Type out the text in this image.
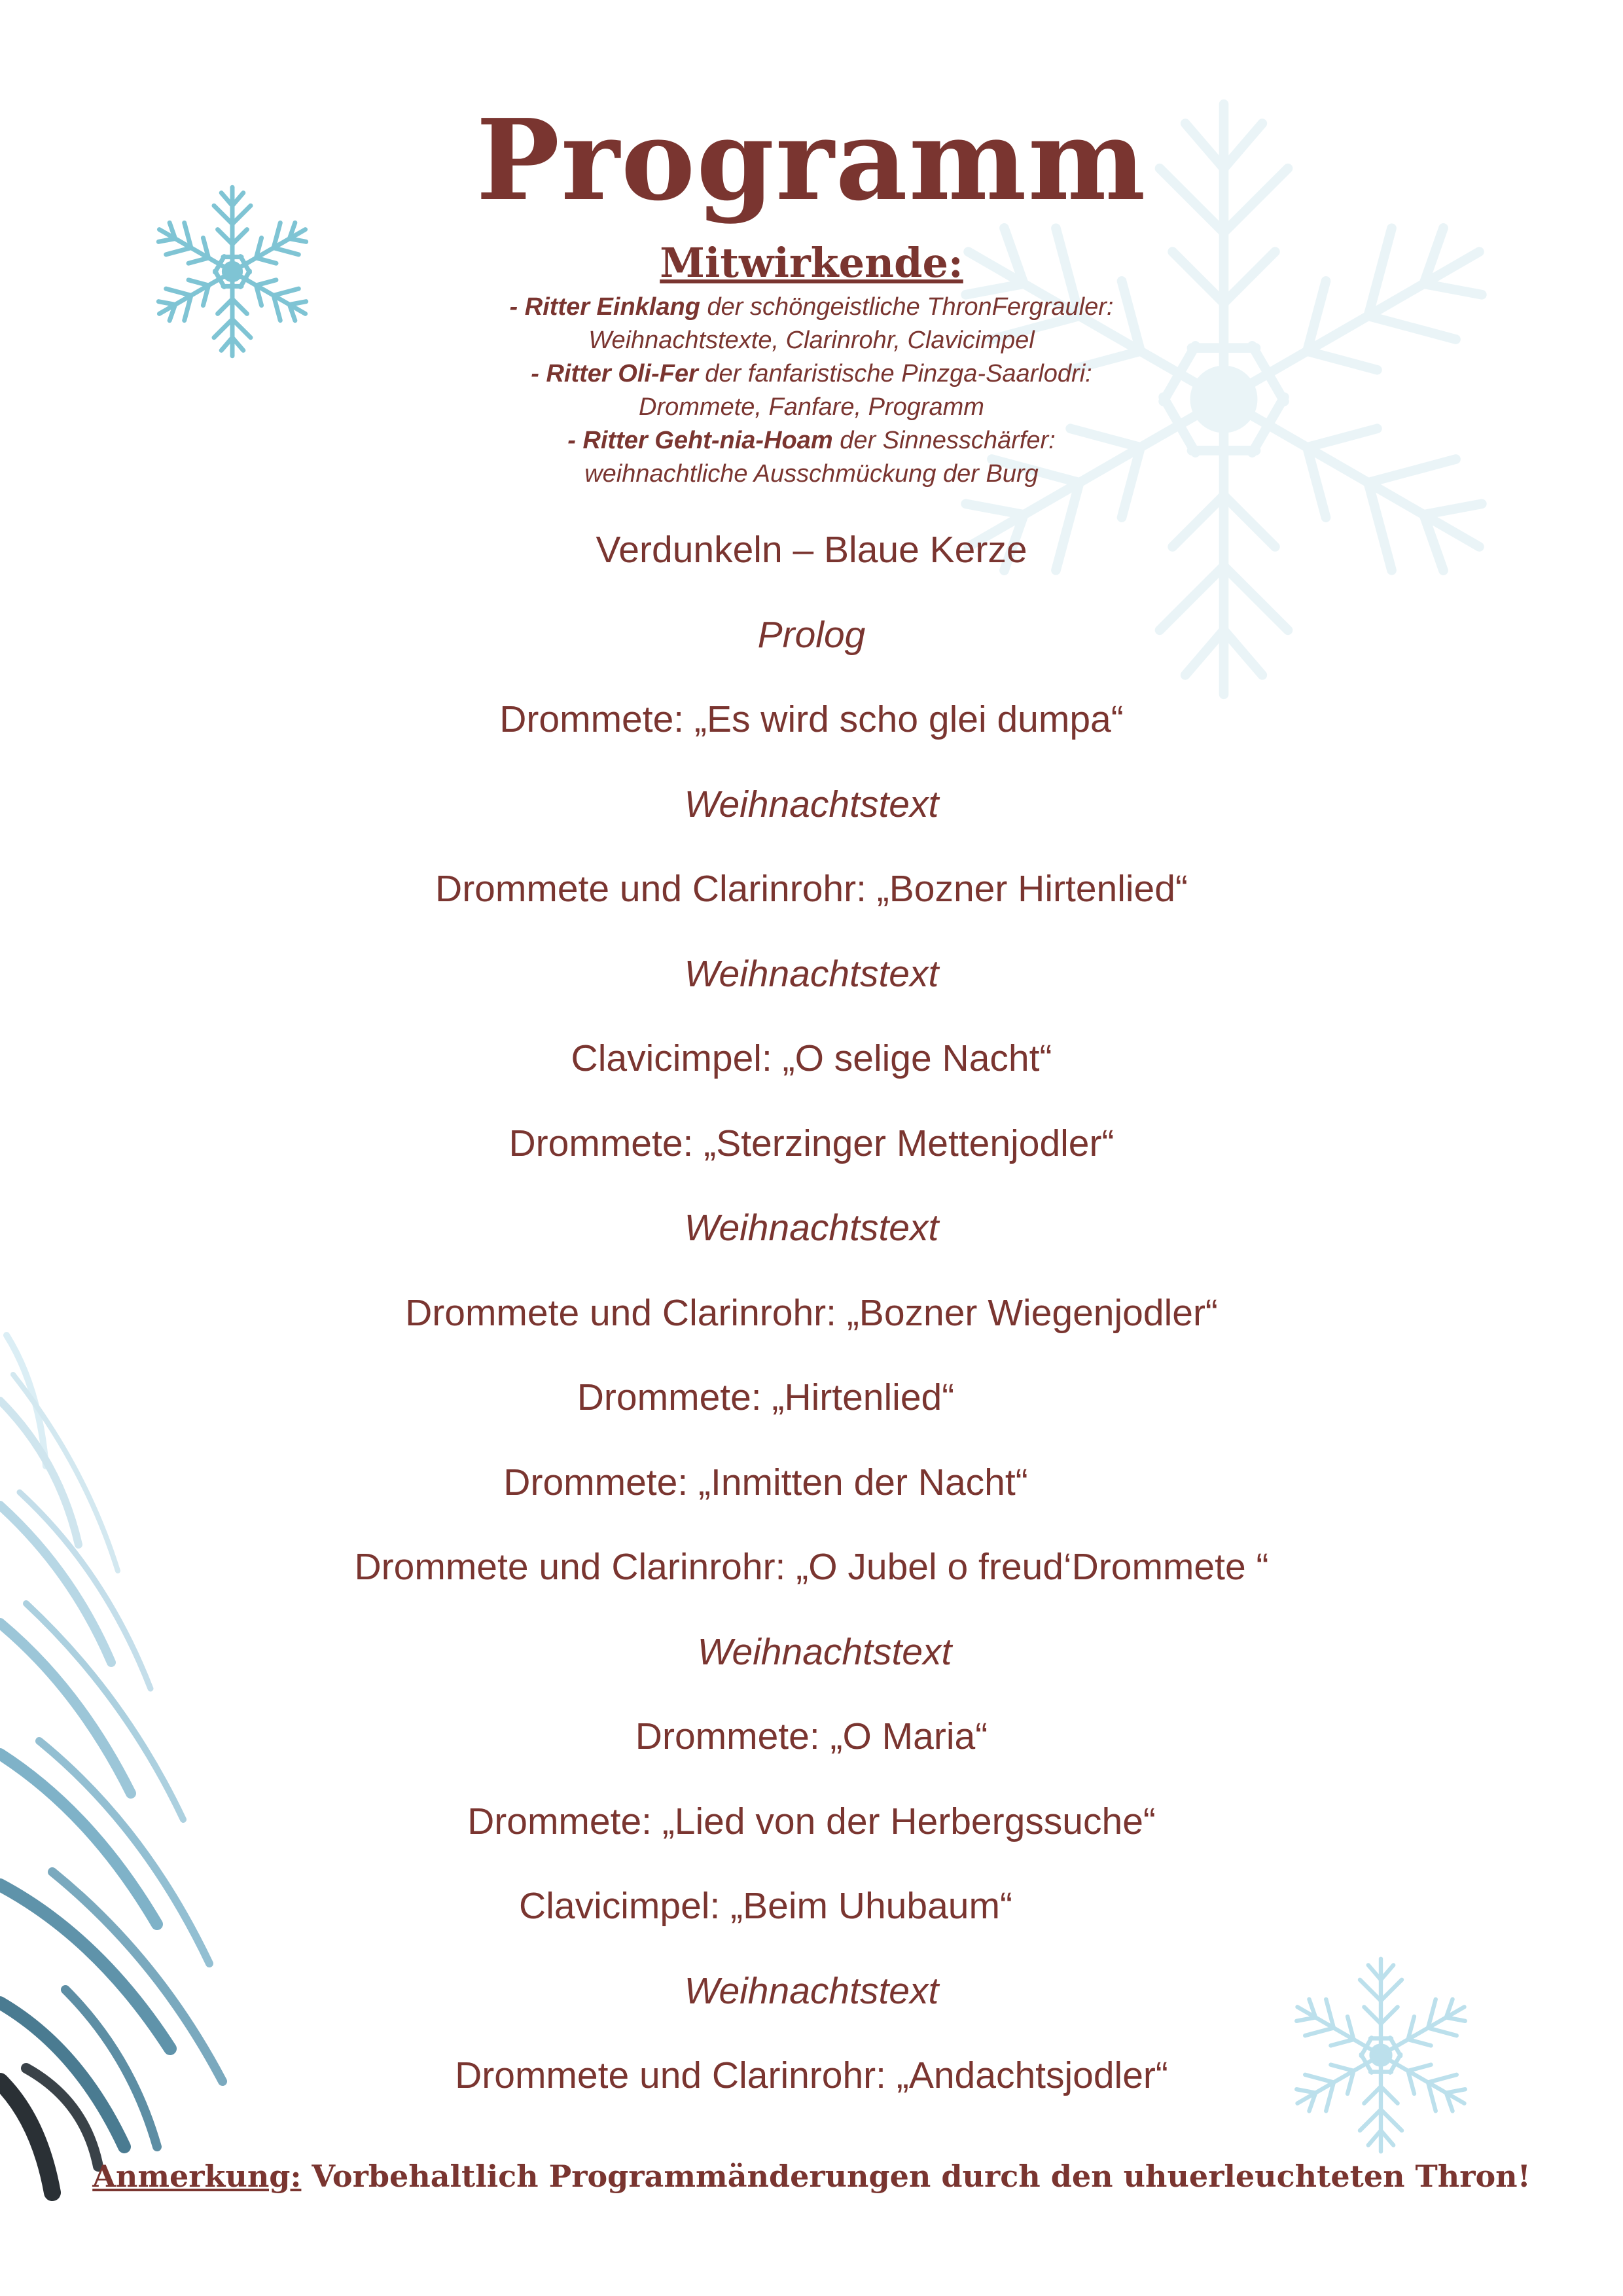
Programm
Mitwirkende:
- Ritter Einklang der schöngeistliche ThronFergrauler:
Weihnachtstexte, Clarinrohr, Clavicimpel
- Ritter Oli-Fer der fanfaristische Pinzga-Saarlodri:
Drommete, Fanfare, Programm
- Ritter Geht-nia-Hoam der Sinnesschärfer:
weihnachtliche Ausschmückung der Burg
Verdunkeln – Blaue Kerze
Prolog
Drommete: „Es wird scho glei dumpa“
Weihnachtstext
Drommete und Clarinrohr: „Bozner Hirtenlied“
Weihnachtstext
Clavicimpel: „O selige Nacht“
Drommete: „Sterzinger Mettenjodler“
Weihnachtstext
Drommete und Clarinrohr: „Bozner Wiegenjodler“
Drommete: „Hirtenlied“
Drommete: „Inmitten der Nacht“
Drommete und Clarinrohr: „O Jubel o freud‘Drommete “
Weihnachtstext
Drommete: „O Maria“
Drommete: „Lied von der Herbergssuche“
Clavicimpel: „Beim Uhubaum“
Weihnachtstext
Drommete und Clarinrohr: „Andachtsjodler“
Anmerkung: Vorbehaltlich Programmänderungen durch den uhuerleuchteten Thron!
